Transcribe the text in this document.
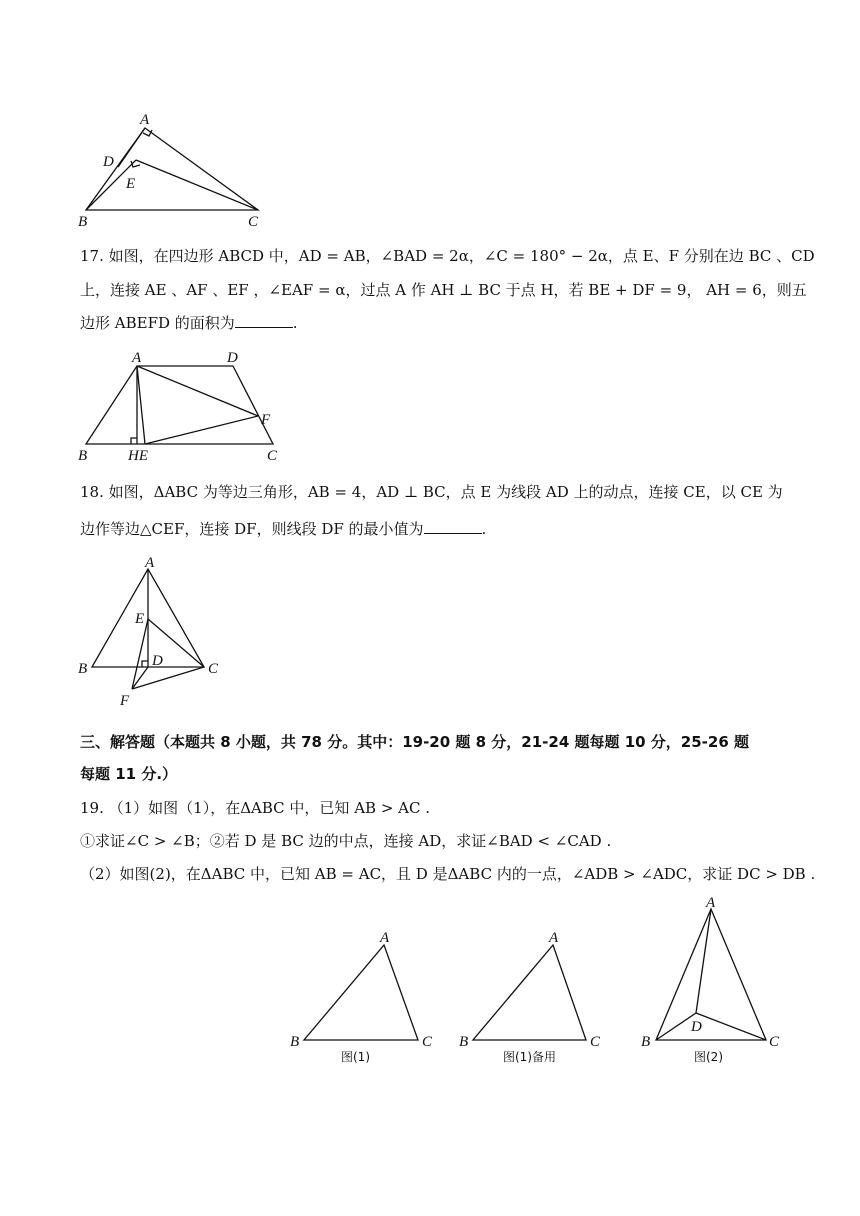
A
D
E
B	C
17. 如图，在四边形 ABCD 中，AD = AB，∠BAD = 2α，∠C = 180° − 2α，点 E、F 分别在边 BC 、CD
上，连接 AE 、AF 、EF ，∠EAF = α，过点 A 作 AH ⊥ BC 于点 H，若 BE + DF = 9， AH = 6，则五
边形 ABEFD 的面积为	.
A	D
F
B	HE	C
18. 如图，ΔABC 为等边三角形，AB = 4，AD ⊥ BC，点 E 为线段 AD 上的动点，连接 CE，以 CE 为
边作等边△CEF，连接 DF，则线段 DF 的最小值为	.
A
E
D
B	C
F
三、解答题（本题共 8 小题，共 78 分。其中：19-20 题 8 分，21-24 题每题 10 分，25-26 题
每题 11 分.）
19. （1）如图（1），在ΔABC 中，已知 AB > AC .
①求证∠C > ∠B；②若 D 是 BC 边的中点，连接 AD，求证∠BAD < ∠CAD .
（2）如图(2)，在ΔABC 中，已知 AB = AC，且 D 是ΔABC 内的一点，∠ADB > ∠ADC，求证 DC > DB .
A
B	C
图(1)
A
B	C
图(1)备用
A
D
B	C
图(2)
